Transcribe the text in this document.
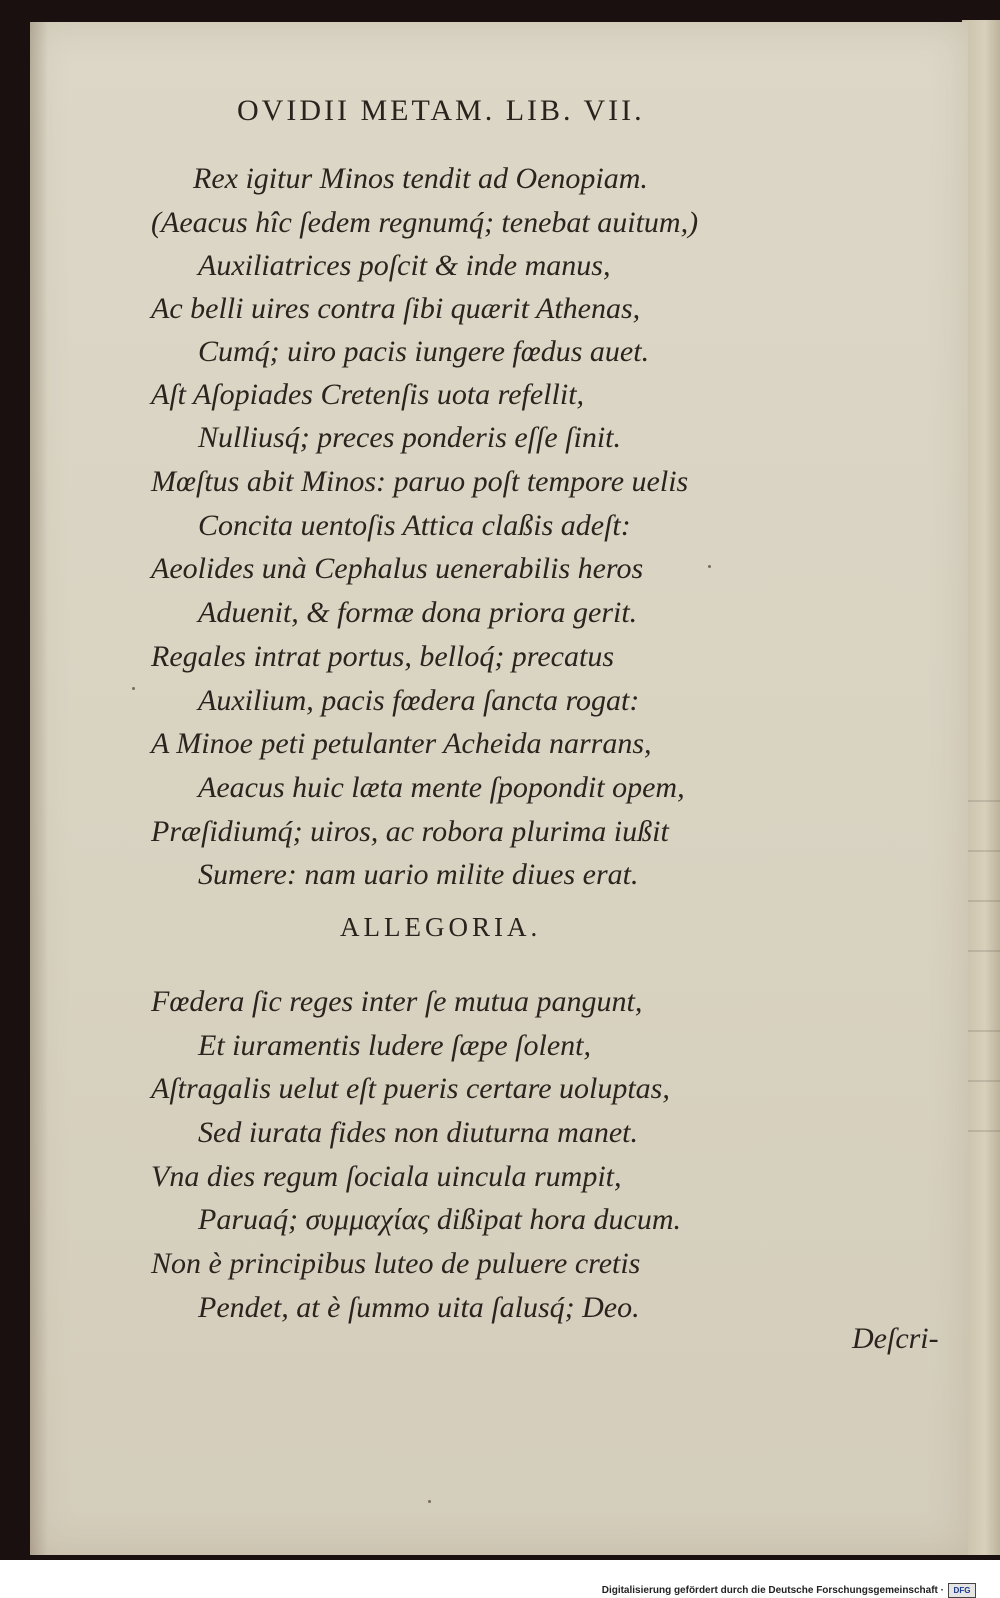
OVIDII METAM. LIB. VII.
Rex igitur Minos tendit ad Oenopiam.
(Aeacus hîc ſedem regnumq́; tenebat auitum,)
Auxiliatrices poſcit & inde manus,
Ac belli uires contra ſibi quærit Athenas,
Cumq́; uiro pacis iungere fœdus auet.
Aſt Aſopiades Cretenſis uota refellit,
Nulliusq́; preces ponderis eſſe ſinit.
Mœſtus abit Minos: paruo poſt tempore uelis
Concita uentoſis Attica claßis adeſt:
Aeolides unà Cephalus uenerabilis heros
Aduenit, & formæ dona priora gerit.
Regales intrat portus, belloq́; precatus
Auxilium, pacis fœdera ſancta rogat:
A Minoe peti petulanter Acheida narrans,
Aeacus huic læta mente ſpopondit opem,
Præſidiumq́; uiros, ac robora plurima iußit
Sumere: nam uario milite diues erat.
ALLEGORIA.
Fœdera ſic reges inter ſe mutua pangunt,
Et iuramentis ludere ſæpe ſolent,
Aſtragalis uelut eſt pueris certare uoluptas,
Sed iurata fides non diuturna manet.
Vna dies regum ſociala uincula rumpit,
Paruaq́; συμμαχίας dißipat hora ducum.
Non è principibus luteo de puluere cretis
Pendet, at è ſummo uita ſalusq́; Deo.
Deſcri-
Digitalisierung gefördert durch die Deutsche Forschungsgemeinschaft ·	DFG
